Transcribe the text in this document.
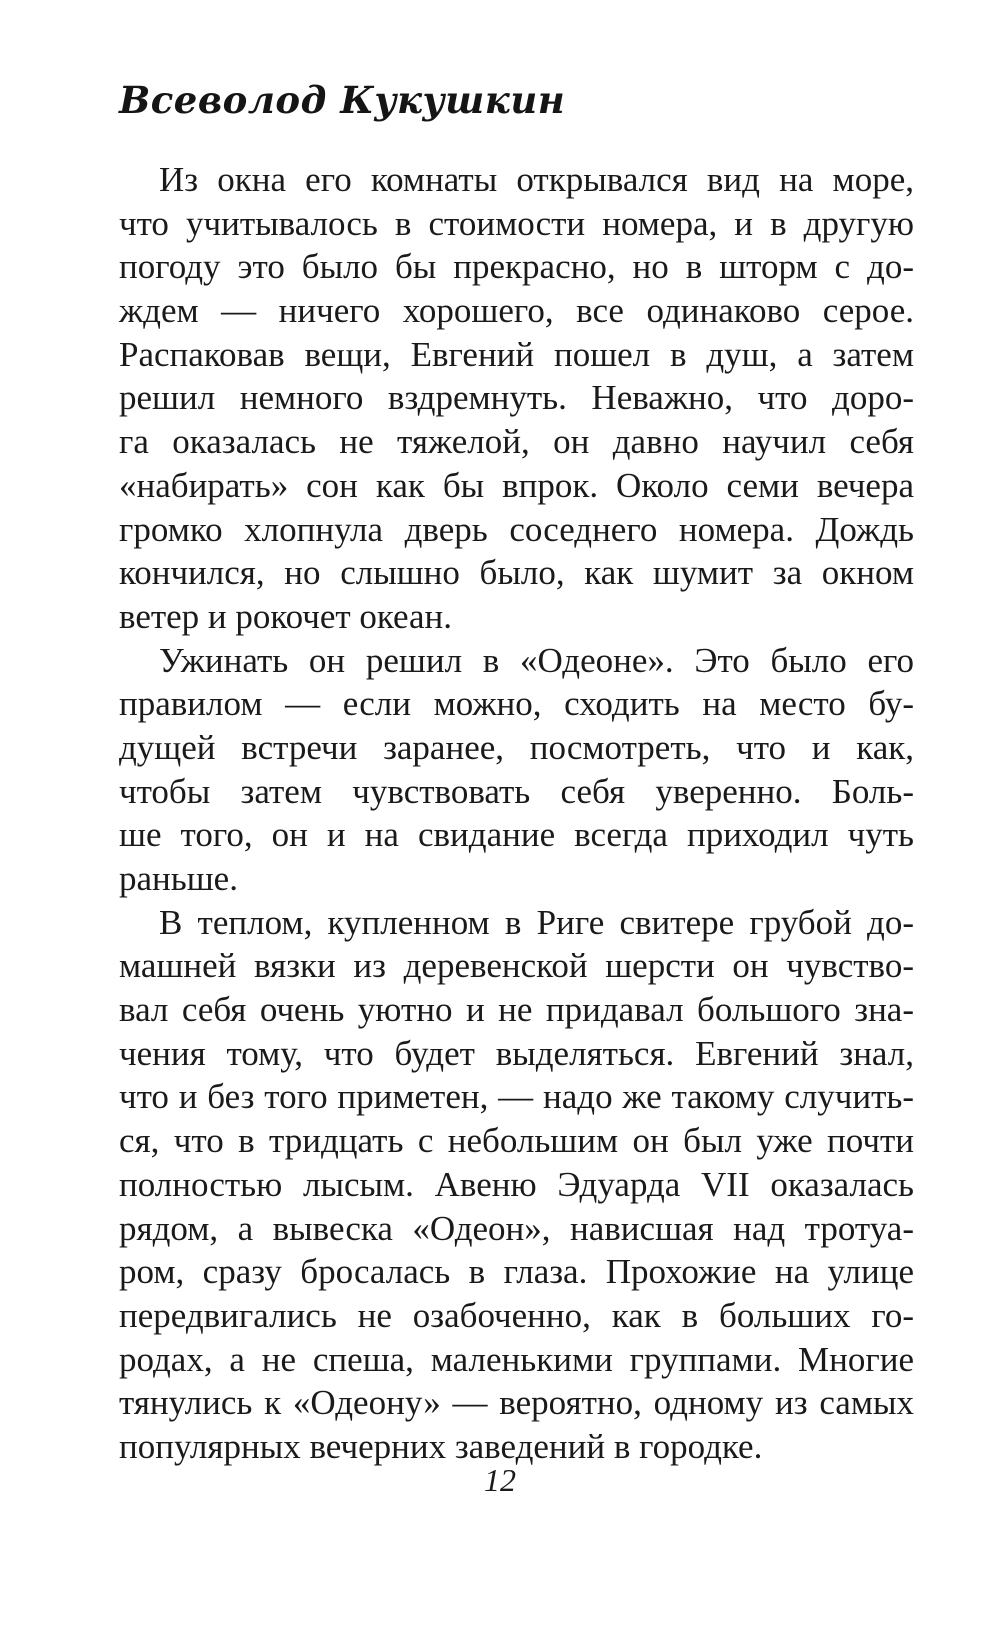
Всеволод Кукушкин
Из окна его комнаты открывался вид на море,
что учитывалось в стоимости номера, и в другую
погоду это было бы прекрасно, но в шторм с до-
ждем — ничего хорошего, все одинаково серое.
Распаковав вещи, Евгений пошел в душ, а затем
решил немного вздремнуть. Неважно, что доро-
га оказалась не тяжелой, он давно научил себя
«набирать» сон как бы впрок. Около семи вечера
громко хлопнула дверь соседнего номера. Дождь
кончился, но слышно было, как шумит за окном
ветер и рокочет океан.
Ужинать он решил в «Одеоне». Это было его
правилом — если можно, сходить на место бу-
дущей встречи заранее, посмотреть, что и как,
чтобы затем чувствовать себя уверенно. Боль-
ше того, он и на свидание всегда приходил чуть
раньше.
В теплом, купленном в Риге свитере грубой до-
машней вязки из деревенской шерсти он чувство-
вал себя очень уютно и не придавал большого зна-
чения тому, что будет выделяться. Евгений знал,
что и без того приметен, — надо же такому случить-
ся, что в тридцать с небольшим он был уже почти
полностью лысым. Авеню Эдуарда VII оказалась
рядом, а вывеска «Одеон», нависшая над тротуа-
ром, сразу бросалась в глаза. Прохожие на улице
передвигались не озабоченно, как в больших го-
родах, а не спеша, маленькими группами. Многие
тянулись к «Одеону» — вероятно, одному из самых
популярных вечерних заведений в городке.
12
